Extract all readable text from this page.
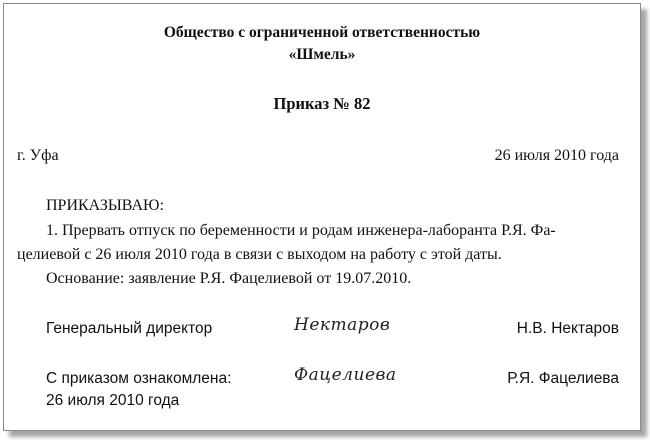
Общество с ограниченной ответственностью
«Шмель»
Приказ № 82
г. Уфа	26 июля 2010 года
ПРИКАЗЫВАЮ:
1. Прервать отпуск по беременности и родам инженера-лаборанта Р.Я. Фа-
целиевой с 26 июля 2010 года в связи с выходом на работу с этой даты.
Основание: заявление Р.Я. Фацелиевой от 19.07.2010.
Генеральный директор	Нектаров	Н.В. Нектаров
С приказом ознакомлена:	Фацелиева	Р.Я. Фацелиева
26 июля 2010 года
